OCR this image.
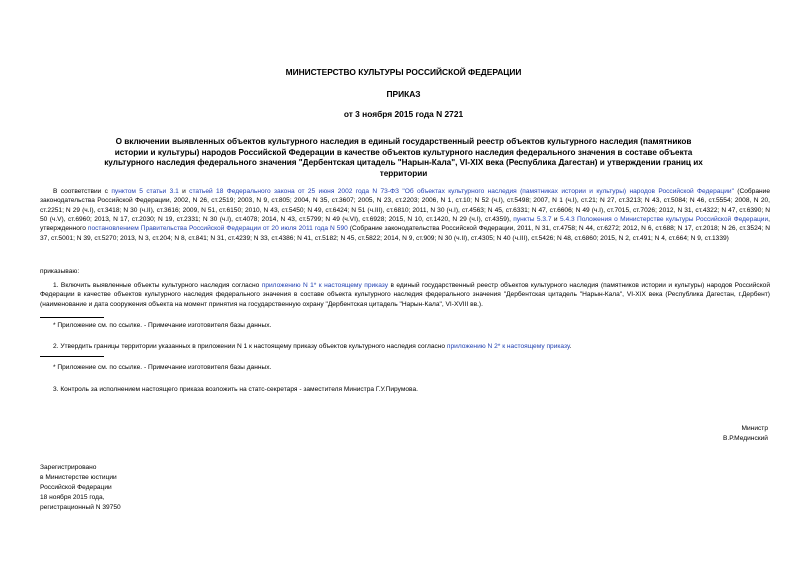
МИНИСТЕРСТВО КУЛЬТУРЫ РОССИЙСКОЙ ФЕДЕРАЦИИ
ПРИКАЗ
от 3 ноября 2015 года N 2721
О включении выявленных объектов культурного наследия в единый государственный реестр объектов культурного наследия (памятников истории и культуры) народов Российской Федерации в качестве объектов культурного наследия федерального значения в составе объекта культурного наследия федерального значения "Дербентская цитадель "Нарын-Кала", VI-XIX века (Республика Дагестан) и утверждении границ их территории
В соответствии с пунктом 5 статьи 3.1 и статьей 18 Федерального закона от 25 июня 2002 года N 73-ФЗ "Об объектах культурного наследия (памятниках истории и культуры) народов Российской Федерации" (Собрание законодательства Российской Федерации, 2002, N 26, ст.2519; 2003, N 9, ст.805; 2004, N 35, ст.3607; 2005, N 23, ст.2203; 2006, N 1, ст.10; N 52 (ч.I), ст.5498; 2007, N 1 (ч.I), ст.21; N 27, ст.3213; N 43, ст.5084; N 46, ст.5554; 2008, N 20, ст.2251; N 29 (ч.I), ст.3418; N 30 (ч.II), ст.3616; 2009, N 51, ст.6150; 2010, N 43, ст.5450; N 49, ст.6424; N 51 (ч.III), ст.6810; 2011, N 30 (ч.I), ст.4563; N 45, ст.6331; N 47, ст.6606; N 49 (ч.I), ст.7015, ст.7026; 2012, N 31, ст.4322; N 47, ст.6390; N 50 (ч.V), ст.6960; 2013, N 17, ст.2030; N 19, ст.2331; N 30 (ч.I), ст.4078; 2014, N 43, ст.5799; N 49 (ч.VI), ст.6928; 2015, N 10, ст.1420, N 29 (ч.I), ст.4359), пункты 5.3.7 и 5.4.3 Положения о Министерстве культуры Российской Федерации, утвержденного постановлением Правительства Российской Федерации от 20 июля 2011 года N 590 (Собрание законодательства Российской Федерации, 2011, N 31, ст.4758; N 44, ст.6272; 2012, N 6, ст.688; N 17, ст.2018; N 26, ст.3524; N 37, ст.5001; N 39, ст.5270; 2013, N 3, ст.204; N 8, ст.841; N 31, ст.4239; N 33, ст.4386; N 41, ст.5182; N 45, ст.5822; 2014, N 9, ст.909; N 30 (ч.II), ст.4305; N 40 (ч.III), ст.5426; N 48, ст.6860; 2015, N 2, ст.491; N 4, ст.664; N 9, ст.1339)
приказываю:
1. Включить выявленные объекты культурного наследия согласно приложению N 1* к настоящему приказу в единый государственный реестр объектов культурного наследия (памятников истории и культуры) народов Российской Федерации в качестве объектов культурного наследия федерального значения в составе объекта культурного наследия федерального значения "Дербентская цитадель "Нарын-Кала", VI-XIX века (Республика Дагестан, г.Дербент) (наименование и дата сооружения объекта на момент принятия на государственную охрану "Дербентская цитадель "Нарын-Кала", VI-XVIII вв.).
* Приложение см. по ссылке. - Примечание изготовителя базы данных.
2. Утвердить границы территории указанных в приложении N 1 к настоящему приказу объектов культурного наследия согласно приложению N 2* к настоящему приказу.
* Приложение см. по ссылке. - Примечание изготовителя базы данных.
3. Контроль за исполнением настоящего приказа возложить на статс-секретаря - заместителя Министра Г.У.Пирумова.
Министр
В.Р.Мединский
Зарегистрировано
в Министерстве юстиции
Российской Федерации
18 ноября 2015 года,
регистрационный N 39750
